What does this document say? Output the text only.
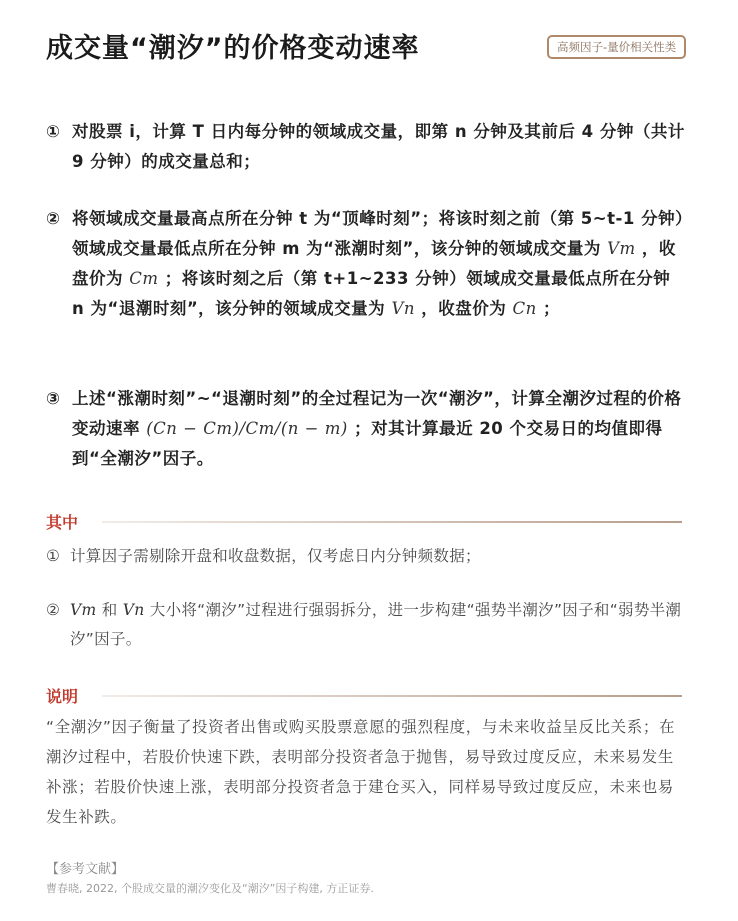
成交量“潮汐”的价格变动速率	高频因子-量价相关性类
① 对股票 i，计算 T 日内每分钟的领域成交量，即第 n 分钟及其前后 4 分钟（共计 9 分钟）的成交量总和；
② 将领域成交量最高点所在分钟 t 为“顶峰时刻”；将该时刻之前（第 5~t-1 分钟）领域成交量最低点所在分钟 m 为“涨潮时刻”，该分钟的领域成交量为 Vm ，收盘价为 Cm ；将该时刻之后（第 t+1~233 分钟）领域成交量最低点所在分钟 n 为“退潮时刻”，该分钟的领域成交量为 Vn ，收盘价为 Cn ；
③ 上述“涨潮时刻”~“退潮时刻”的全过程记为一次“潮汐”，计算全潮汐过程的价格变动速率 (Cn − Cm)/Cm/(n − m) ；对其计算最近 20 个交易日的均值即得到“全潮汐”因子。
其中
① 计算因子需剔除开盘和收盘数据，仅考虑日内分钟频数据；
② Vm 和 Vn 大小将“潮汐”过程进行强弱拆分，进一步构建“强势半潮汐”因子和“弱势半潮汐”因子。
说明
“全潮汐”因子衡量了投资者出售或购买股票意愿的强烈程度，与未来收益呈反比关系；在潮汐过程中，若股价快速下跌，表明部分投资者急于抛售，易导致过度反应，未来易发生补涨；若股价快速上涨，表明部分投资者急于建仓买入，同样易导致过度反应，未来也易发生补跌。
【参考文献】
曹春晓, 2022, 个股成交量的潮汐变化及“潮汐”因子构建, 方正证券.
